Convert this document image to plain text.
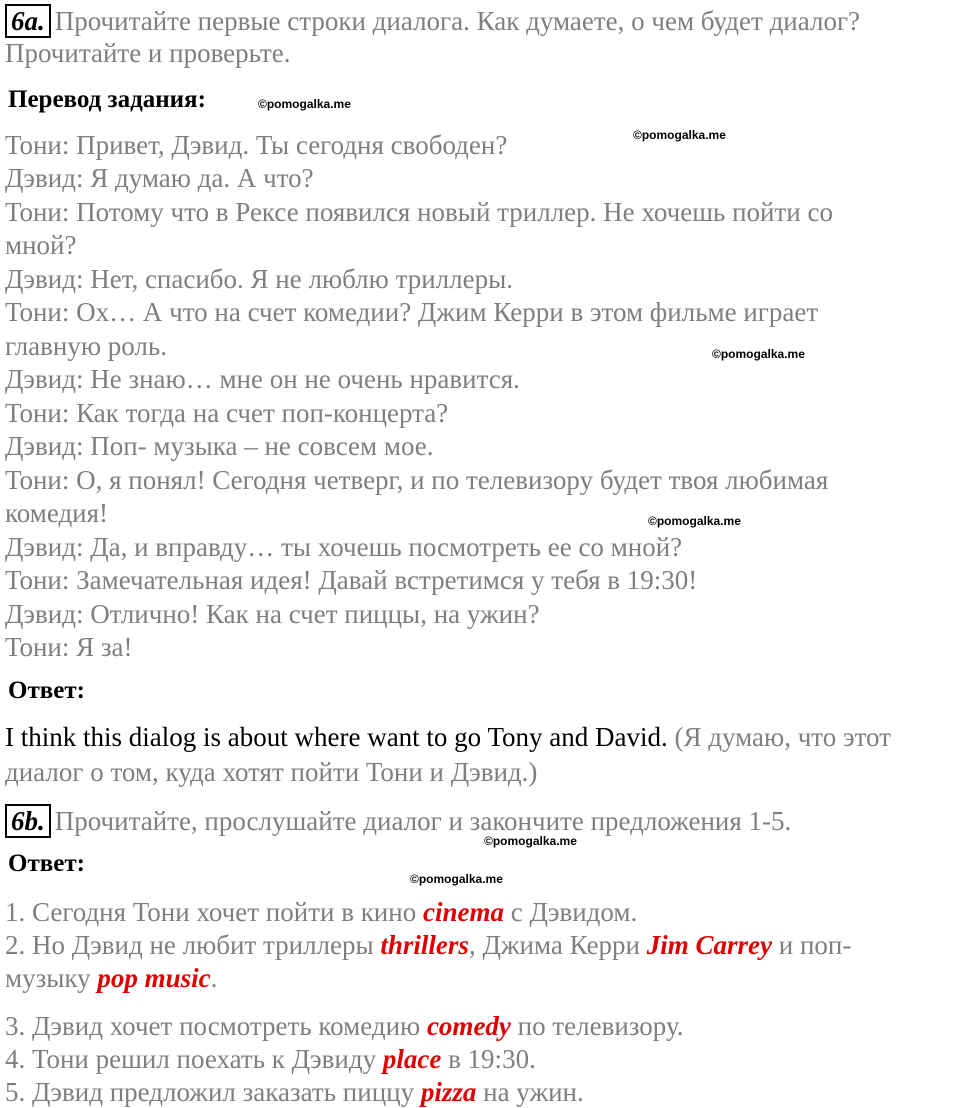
6a. Прочитайте первые строки диалога. Как думаете, о чем будет диалог?
Прочитайте и проверьте.
Перевод задания:	©pomogalka.me
©pomogalka.me
©pomogalka.me
©pomogalka.me
©pomogalka.me
©pomogalka.me
Тони: Привет, Дэвид. Ты сегодня свободен?
Дэвид: Я думаю да. А что?
Тони: Потому что в Рексе появился новый триллер. Не хочешь пойти со
мной?
Дэвид: Нет, спасибо. Я не люблю триллеры.
Тони: Ох… А что на счет комедии? Джим Керри в этом фильме играет
главную роль.
Дэвид: Не знаю… мне он не очень нравится.
Тони: Как тогда на счет поп-концерта?
Дэвид: Поп- музыка – не совсем мое.
Тони: О, я понял! Сегодня четверг, и по телевизору будет твоя любимая
комедия!
Дэвид: Да, и вправду… ты хочешь посмотреть ее со мной?
Тони: Замечательная идея! Давай встретимся у тебя в 19:30!
Дэвид: Отлично! Как на счет пиццы, на ужин?
Тони: Я за!
Ответ:
I think this dialog is about where want to go Tony and David. (Я думаю, что этот
диалог о том, куда хотят пойти Тони и Дэвид.)
6b. Прочитайте, прослушайте диалог и закончите предложения 1-5.
Ответ:
1. Сегодня Тони хочет пойти в кино cinema с Дэвидом.
2. Но Дэвид не любит триллеры thrillers, Джима Керри Jim Carrey и поп-
музыку pop music.
3. Дэвид хочет посмотреть комедию comedy по телевизору.
4. Тони решил поехать к Дэвиду place в 19:30.
5. Дэвид предложил заказать пиццу pizza на ужин.
